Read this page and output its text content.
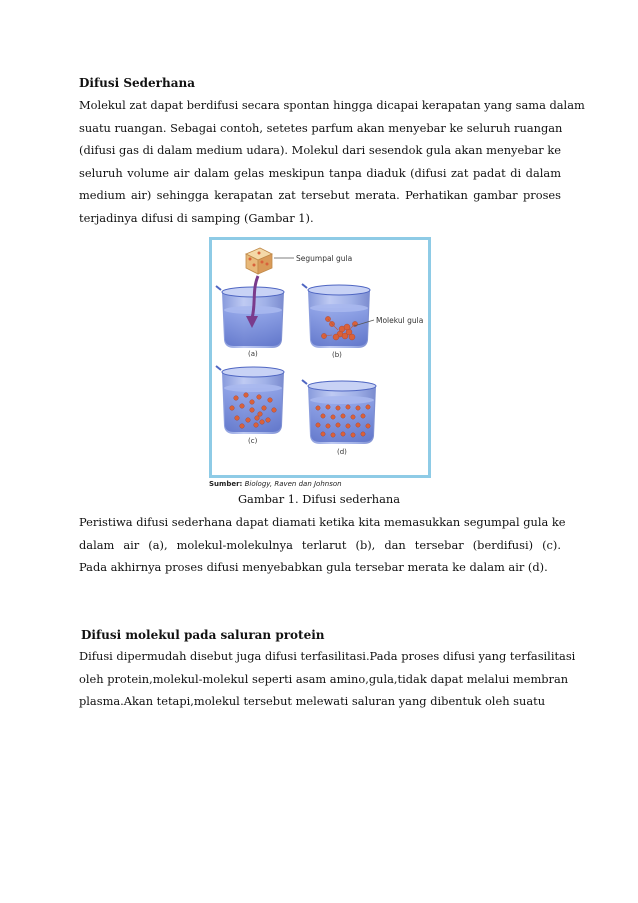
Difusi Sederhana
Molekul zat dapat berdifusi secara spontan hingga dicapai kerapatan yang sama dalam
suatu ruangan. Sebagai contoh, setetes parfum akan menyebar ke seluruh ruangan
(difusi gas di dalam medium udara). Molekul dari sesendok gula akan menyebar ke
seluruh volume air dalam gelas meskipun tanpa diaduk (difusi zat padat di dalam
medium air) sehingga kerapatan zat tersebut merata. Perhatikan gambar proses
terjadinya difusi di samping (Gambar 1).
Segumpal gula
(a)
Molekul gula
(b)
(c)
(d)
Sumber: Biology, Raven dan Johnson
Gambar 1. Difusi sederhana
Peristiwa difusi sederhana dapat diamati ketika kita memasukkan segumpal gula ke
dalam air (a), molekul-molekulnya terlarut (b), dan tersebar (berdifusi) (c).
Pada akhirnya proses difusi menyebabkan gula tersebar merata ke dalam air (d).
Difusi molekul pada saluran protein
Difusi dipermudah disebut juga difusi terfasilitasi.Pada proses difusi yang terfasilitasi
oleh protein,molekul-molekul seperti asam amino,gula,tidak dapat melalui membran
plasma.Akan tetapi,molekul tersebut melewati saluran yang dibentuk oleh suatu
